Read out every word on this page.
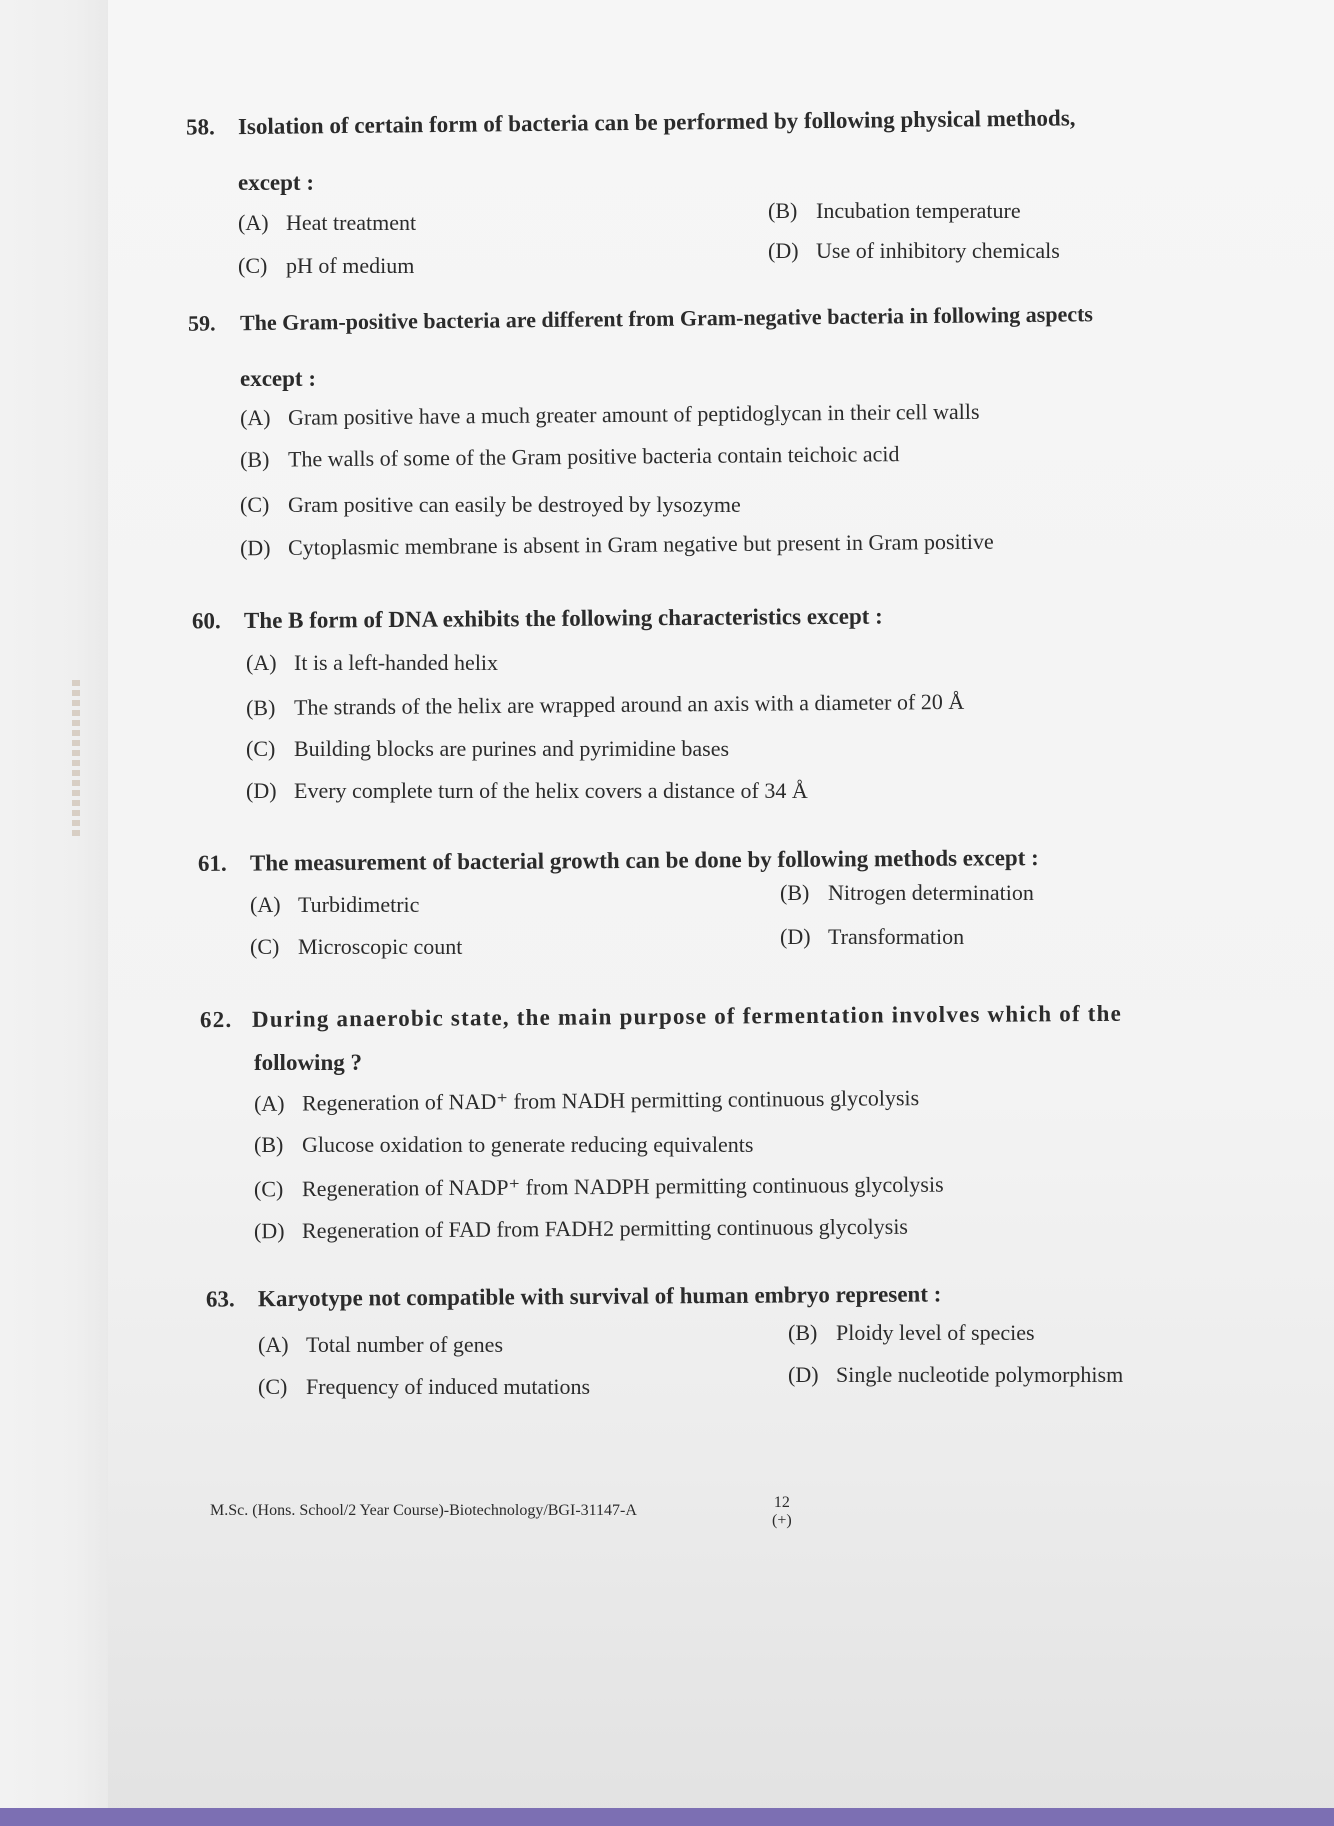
58. Isolation of certain form of bacteria can be performed by following physical methods,
except :
(A) Heat treatment	(B) Incubation temperature
(C) pH of medium
(D) Use of inhibitory chemicals
59. The Gram-positive bacteria are different from Gram-negative bacteria in following aspects
except :
(A) Gram positive have a much greater amount of peptidoglycan in their cell walls
(B) The walls of some of the Gram positive bacteria contain teichoic acid
(C) Gram positive can easily be destroyed by lysozyme
(D) Cytoplasmic membrane is absent in Gram negative but present in Gram positive
60. The B form of DNA exhibits the following characteristics except :
(A) It is a left-handed helix
(B) The strands of the helix are wrapped around an axis with a diameter of 20 Å
(C) Building blocks are purines and pyrimidine bases
(D) Every complete turn of the helix covers a distance of 34 Å
61. The measurement of bacterial growth can be done by following methods except :
(A) Turbidimetric	(B) Nitrogen determination
(C) Microscopic count	(D) Transformation
62. During anaerobic state, the main purpose of fermentation involves which of the
following ?
(A) Regeneration of NAD⁺ from NADH permitting continuous glycolysis
(B) Glucose oxidation to generate reducing equivalents
(C) Regeneration of NADP⁺ from NADPH permitting continuous glycolysis
(D) Regeneration of FAD from FADH2 permitting continuous glycolysis
63. Karyotype not compatible with survival of human embryo represent :
(A) Total number of genes	(B) Ploidy level of species
(C) Frequency of induced mutations	(D) Single nucleotide polymorphism
M.Sc. (Hons. School/2 Year Course)-Biotechnology/BGI-31147-A	12
(+)
